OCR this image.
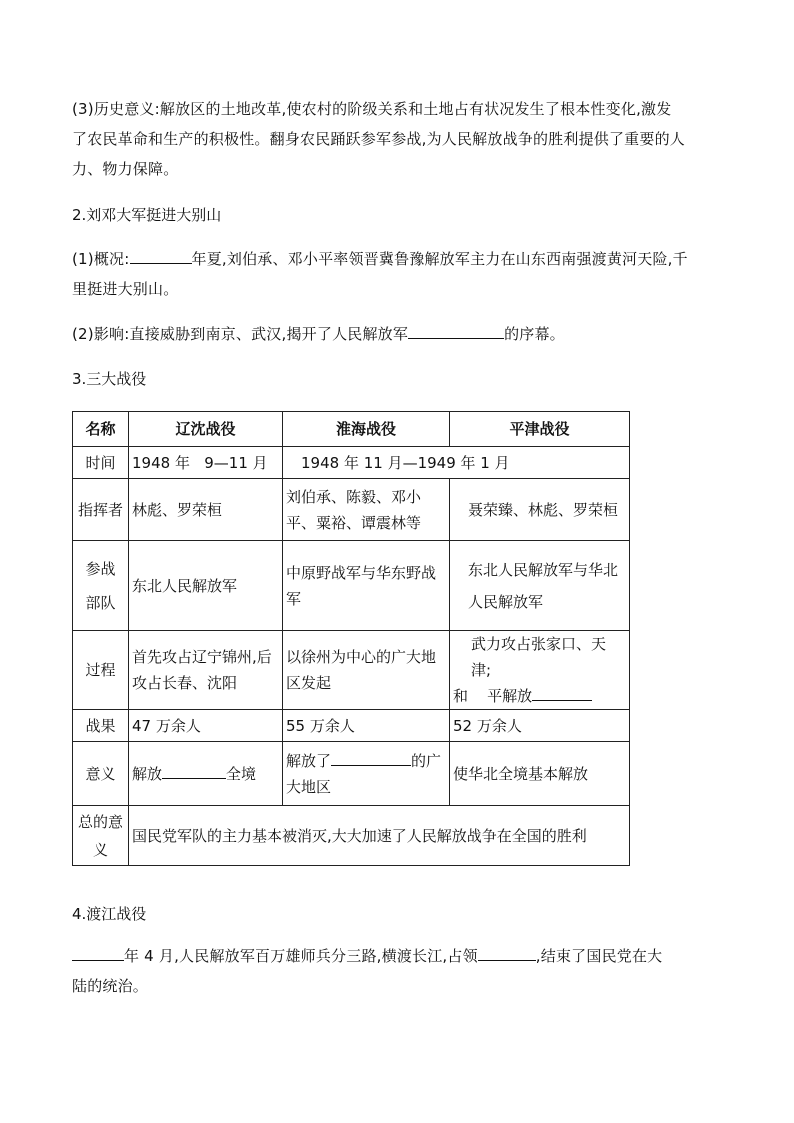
(3)历史意义:解放区的土地改革,使农村的阶级关系和土地占有状况发生了根本性变化,激发
了农民革命和生产的积极性。翻身农民踊跃参军参战,为人民解放战争的胜利提供了重要的人
力、物力保障。
2.刘邓大军挺进大别山
(1)概况:	年夏,刘伯承、邓小平率领晋冀鲁豫解放军主力在山东西南强渡黄河天险,千
里挺进大别山。
(2)影响:直接威胁到南京、武汉,揭开了人民解放军	的序幕。
3.三大战役
名称	辽沈战役	淮海战役	平津战役
时间	1948 年   9—11 月	1948 年 11 月—1949 年 1 月	
指挥者	林彪、罗荣桓	刘伯承、陈毅、邓小平、粟裕、谭震林等	聂荣臻、林彪、罗荣桓

参战
部队	东北人民解放军	中原野战军与华东野战军	东北人民解放军与华北人民解放军
过程	首先攻占辽宁锦州,后攻占长春、沈阳	以徐州为中心的广大地区发起	武力攻占张家口、天津;
和    平解放

战果	47 万余人	55 万余人	52 万余人
意义	解放 全境	解放了 的广大地区	使华北全境基本解放
总的意义	国民党军队的主力基本被消灭,大大加速了人民解放战争在全国的胜利		
4.渡江战役
年 4 月,人民解放军百万雄师兵分三路,横渡长江,占领	,结束了国民党在大
陆的统治。
